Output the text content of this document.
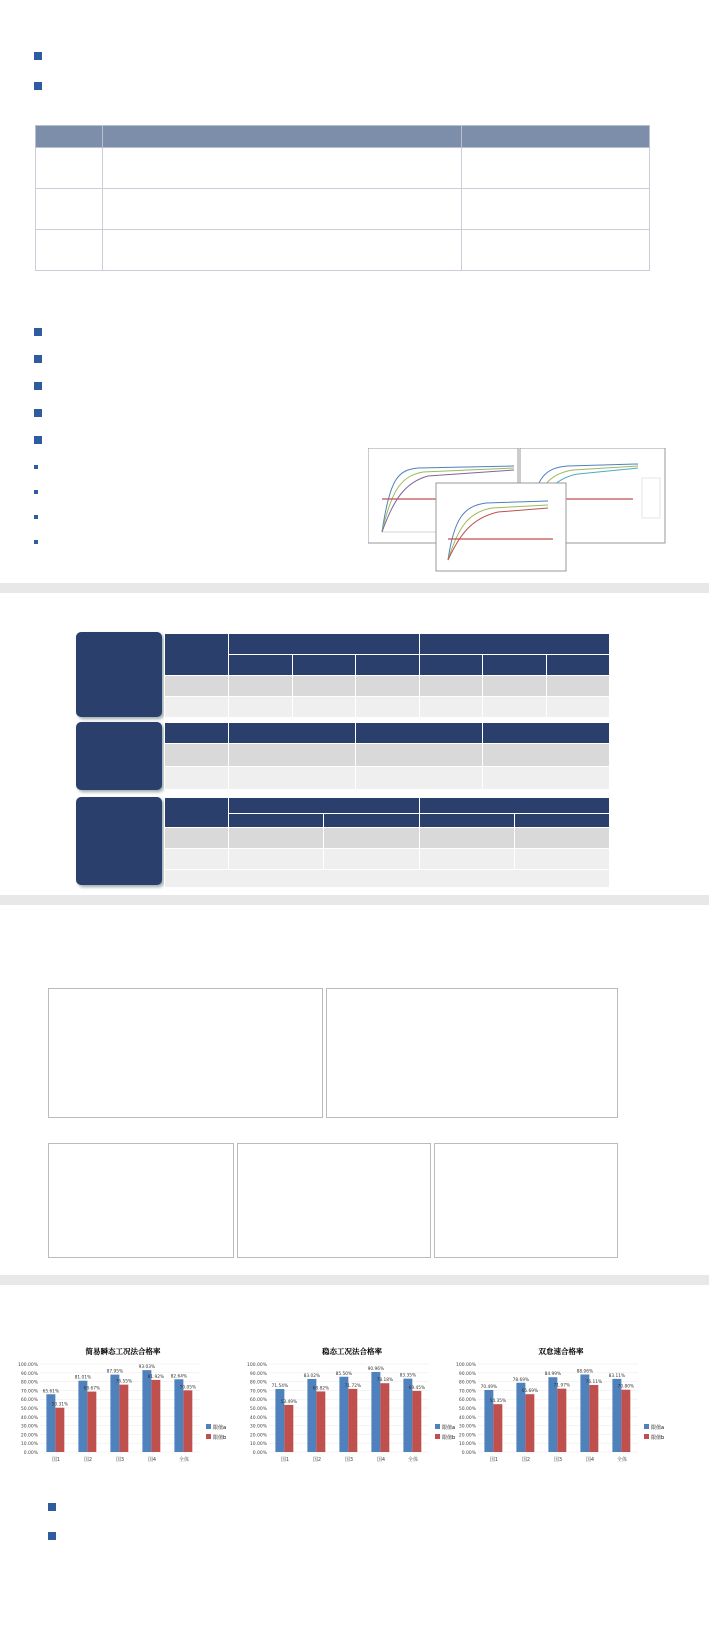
简易瞬态工况法合格率
0.00%
10.00%
20.00%
30.00%
40.00%
50.00%
60.00%
70.00%
80.00%
90.00%
100.00%
65.61%
50.31%
国1
81.01%
68.67%
国2
87.95%
76.55%
国3
93.03%
81.92%
国4
82.64%
70.05%
全体
限值a
限值b
稳态工况法合格率
0.00%
10.00%
20.00%
30.00%
40.00%
50.00%
60.00%
70.00%
80.00%
90.00%
100.00%
71.54%
53.49%
国1
83.02%
68.82%
国2
85.50%
71.72%
国3
90.96%
78.18%
国4
83.35%
69.45%
全体
限值a
限值b
双怠速合格率
0.00%
10.00%
20.00%
30.00%
40.00%
50.00%
60.00%
70.00%
80.00%
90.00%
100.00%
70.49%
54.35%
国1
78.69%
65.69%
国2
84.99%
71.97%
国3
88.06%
76.11%
国4
83.11%
70.80%
全体
限值a
限值b
